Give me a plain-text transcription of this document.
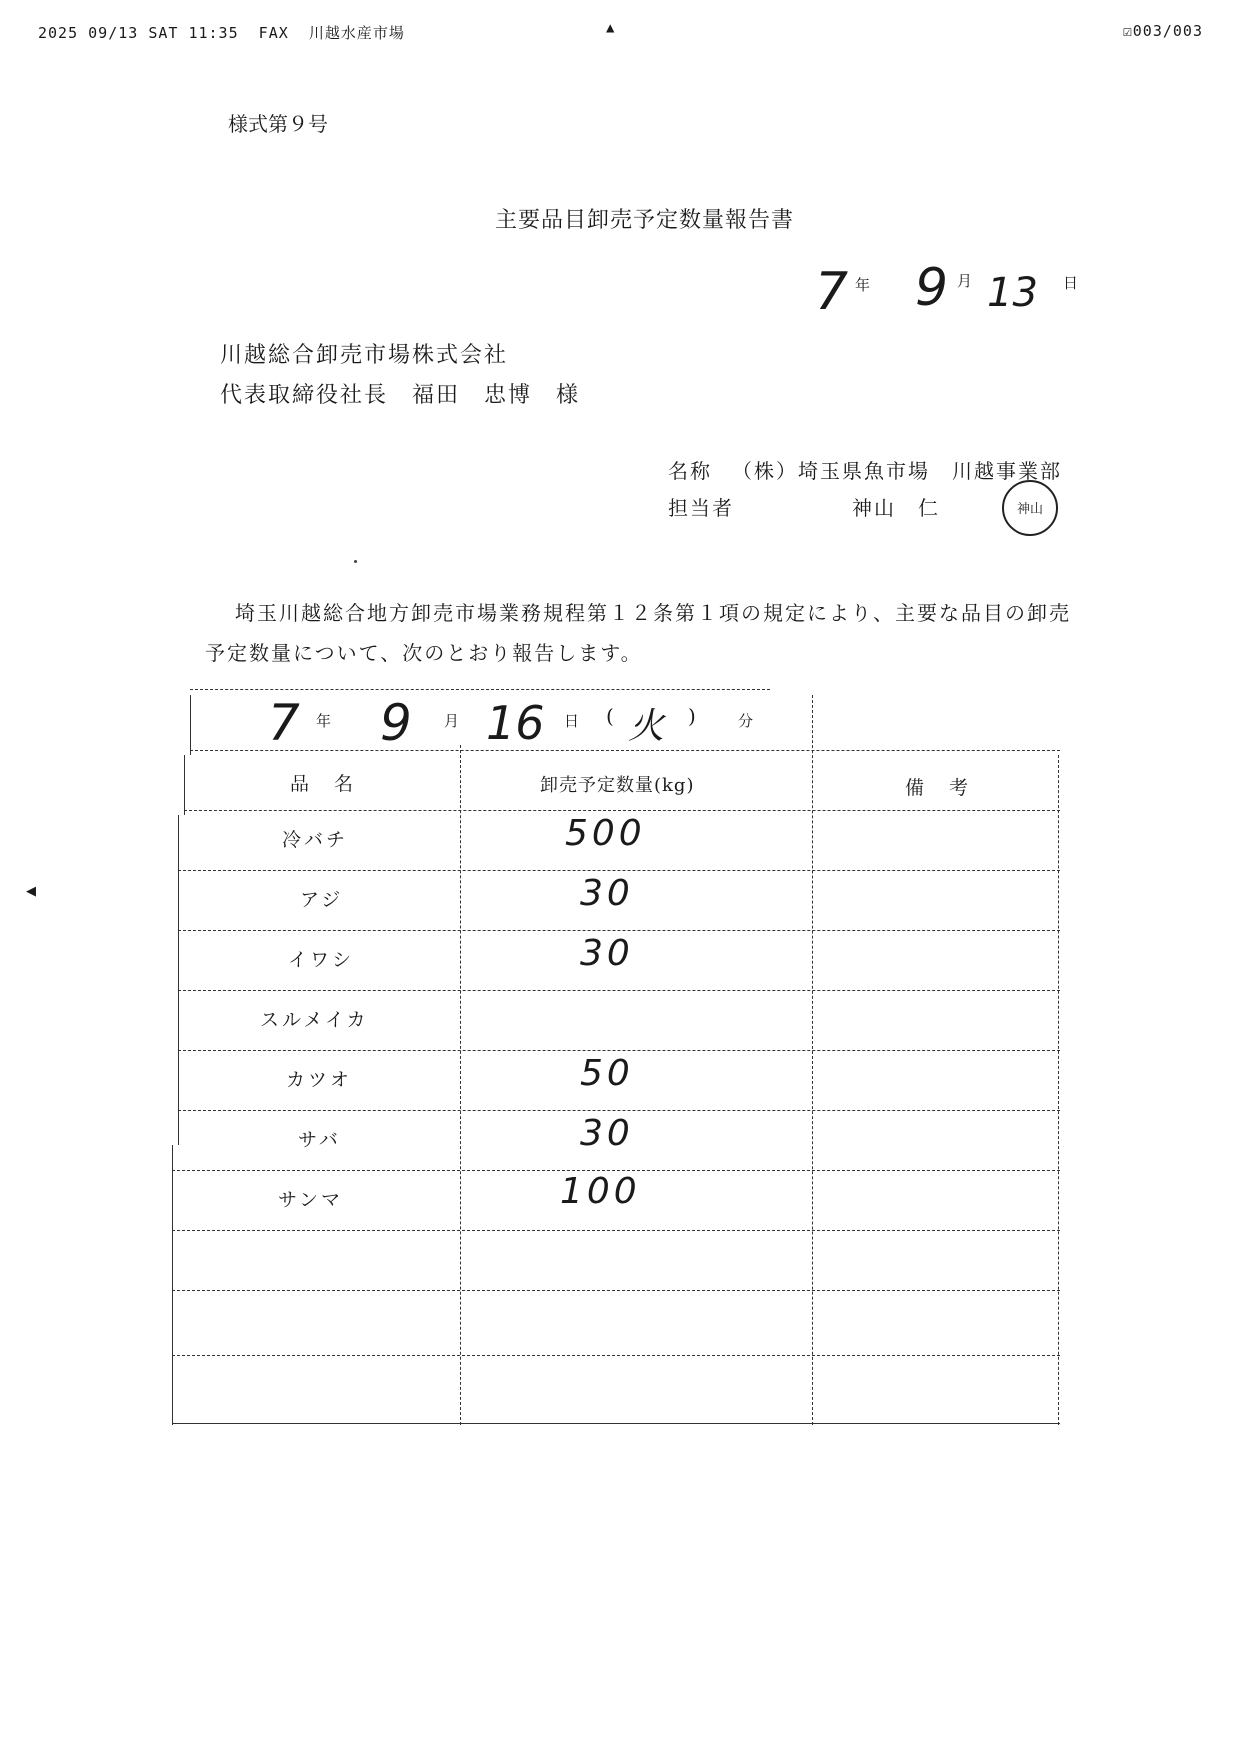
2025 09/13 SAT 11:35  FAX  川越水産市場	▲	☑003/003
◀
様式第９号
主要品目卸売予定数量報告書
7 年 9 月 13 日
川越総合卸売市場株式会社
代表取締役社長　福田　忠博　様
名称 （株）埼玉県魚市場　川越事業部
担当者	神山　仁	神山
埼玉川越総合地方卸売市場業務規程第１２条第１項の規定により、主要な品目の卸売予定数量について、次のとおり報告します。
7 年 9 月 16 日 ( 火 )	分
品　名	卸売予定数量(kg)	備　考
冷バチ	500
アジ	30
イワシ	30
スルメイカ
カツオ	50
サバ	30
サンマ	100
